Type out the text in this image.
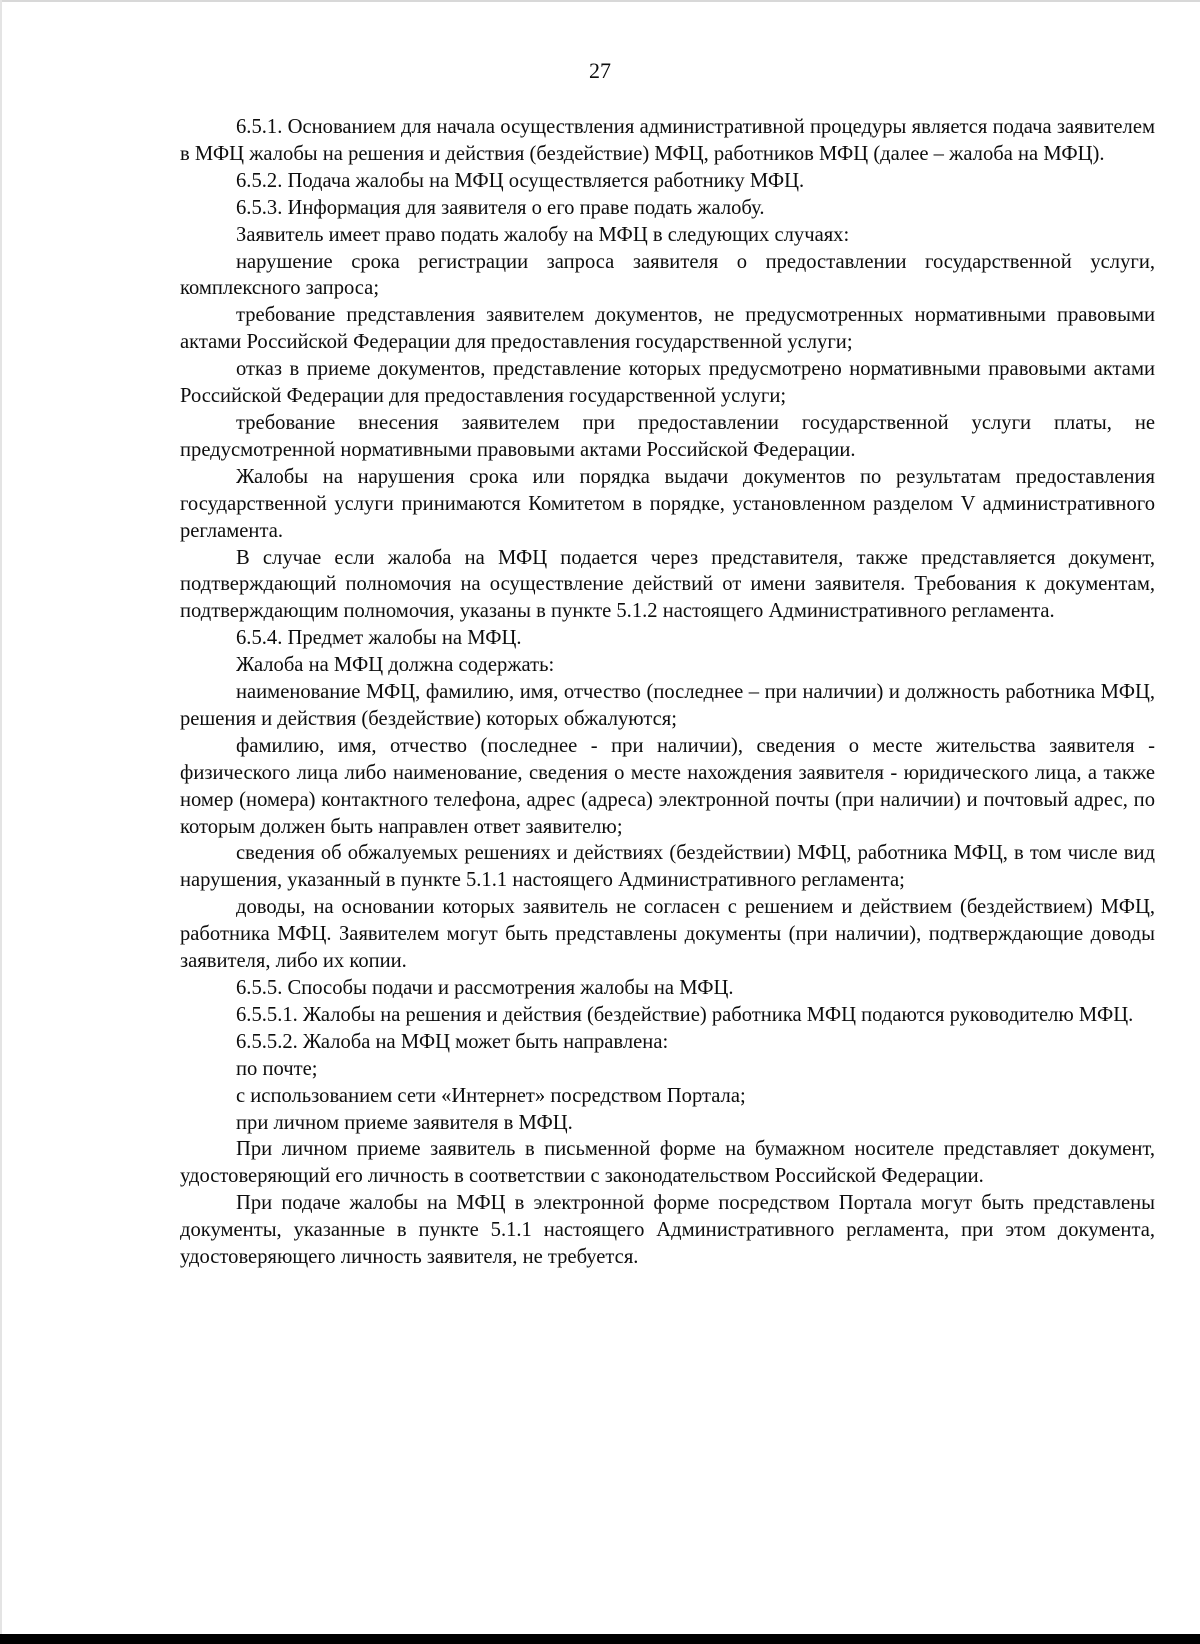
27

6.5.1. Основанием для начала осуществления административной процедуры является подача заявителем в МФЦ жалобы на решения и действия (бездействие) МФЦ, работников МФЦ (далее – жалоба на МФЦ).

6.5.2. Подача жалобы на МФЦ осуществляется работнику МФЦ.

6.5.3. Информация для заявителя о его праве подать жалобу.

Заявитель имеет право подать жалобу на МФЦ в следующих случаях:

нарушение срока регистрации запроса заявителя о предоставлении государственной услуги, комплексного запроса;

требование представления заявителем документов, не предусмотренных нормативными правовыми актами Российской Федерации для предоставления государственной услуги;

отказ в приеме документов, представление которых предусмотрено нормативными правовыми актами Российской Федерации для предоставления государственной услуги;

требование внесения заявителем при предоставлении государственной услуги платы, не предусмотренной нормативными правовыми актами Российской Федерации.

Жалобы на нарушения срока или порядка выдачи документов по результатам предоставления государственной услуги принимаются Комитетом в порядке, установленном разделом V административного регламента.

В случае если жалоба на МФЦ подается через представителя, также представляется документ, подтверждающий полномочия на осуществление действий от имени заявителя. Требования к документам, подтверждающим полномочия, указаны в пункте 5.1.2 настоящего Административного регламента.

6.5.4. Предмет жалобы на МФЦ.

Жалоба на МФЦ должна содержать:

наименование МФЦ, фамилию, имя, отчество (последнее – при наличии) и должность работника МФЦ, решения и действия (бездействие) которых обжалуются;

фамилию, имя, отчество (последнее - при наличии), сведения о месте жительства заявителя - физического лица либо наименование, сведения о месте нахождения заявителя - юридического лица, а также номер (номера) контактного телефона, адрес (адреса) электронной почты (при наличии) и почтовый адрес, по которым должен быть направлен ответ заявителю;

сведения об обжалуемых решениях и действиях (бездействии) МФЦ, работника МФЦ, в том числе вид нарушения, указанный в пункте 5.1.1 настоящего Административного регламента;

доводы, на основании которых заявитель не согласен с решением и действием (бездействием) МФЦ, работника МФЦ. Заявителем могут быть представлены документы (при наличии), подтверждающие доводы заявителя, либо их копии.

6.5.5. Способы подачи и рассмотрения жалобы на МФЦ.

6.5.5.1. Жалобы на решения и действия (бездействие) работника МФЦ подаются руководителю МФЦ.

6.5.5.2. Жалоба на МФЦ может быть направлена:

по почте;

с использованием сети «Интернет» посредством Портала;

при личном приеме заявителя в МФЦ.

При личном приеме заявитель в письменной форме на бумажном носителе представляет документ, удостоверяющий его личность в соответствии с законодательством Российской Федерации.

При подаче жалобы на МФЦ в электронной форме посредством Портала могут быть представлены документы, указанные в пункте 5.1.1 настоящего Административного регламента, при этом документа, удостоверяющего личность заявителя, не требуется.
